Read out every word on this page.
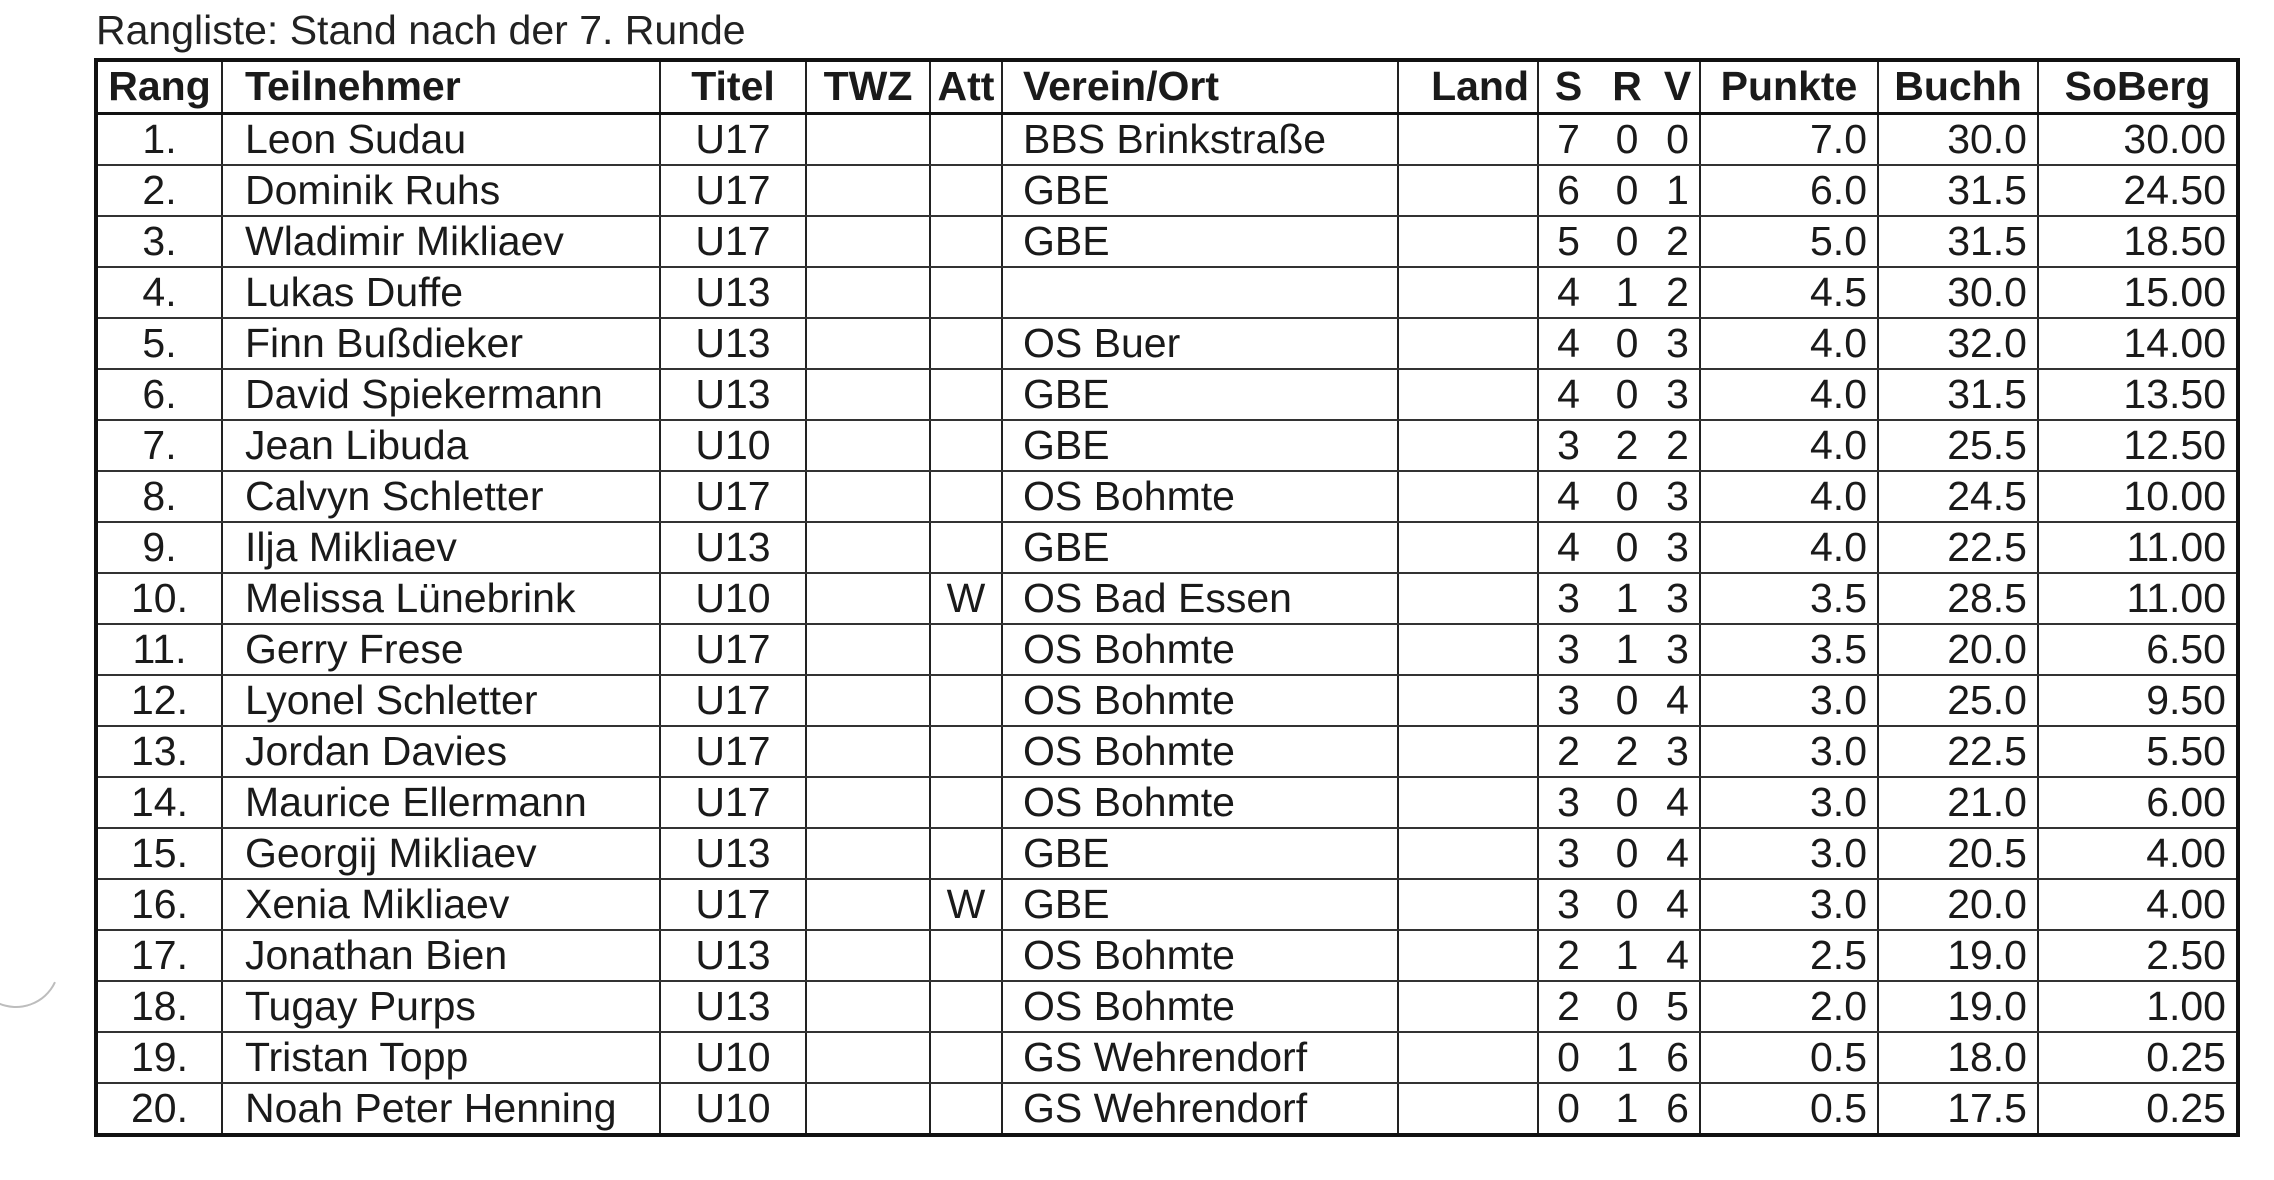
Rangliste: Stand nach der 7. Runde
Rang	Teilnehmer	Titel	TWZ	Att	Verein/Ort	Land	S	R	V	Punkte	Buchh	SoBerg
1.	Leon Sudau	U17			BBS Brinkstraße		7	0	0	7.0	30.0	30.00
2.	Dominik Ruhs	U17			GBE		6	0	1	6.0	31.5	24.50
3.	Wladimir Mikliaev	U17			GBE		5	0	2	5.0	31.5	18.50
4.	Lukas Duffe	U13					4	1	2	4.5	30.0	15.00
5.	Finn Bußdieker	U13			OS Buer		4	0	3	4.0	32.0	14.00
6.	David Spiekermann	U13			GBE		4	0	3	4.0	31.5	13.50
7.	Jean Libuda	U10			GBE		3	2	2	4.0	25.5	12.50
8.	Calvyn Schletter	U17			OS Bohmte		4	0	3	4.0	24.5	10.00
9.	Ilja Mikliaev	U13			GBE		4	0	3	4.0	22.5	11.00
10.	Melissa Lünebrink	U10		W	OS Bad Essen		3	1	3	3.5	28.5	11.00
11.	Gerry Frese	U17			OS Bohmte		3	1	3	3.5	20.0	6.50
12.	Lyonel Schletter	U17			OS Bohmte		3	0	4	3.0	25.0	9.50
13.	Jordan Davies	U17			OS Bohmte		2	2	3	3.0	22.5	5.50
14.	Maurice Ellermann	U17			OS Bohmte		3	0	4	3.0	21.0	6.00
15.	Georgij Mikliaev	U13			GBE		3	0	4	3.0	20.5	4.00
16.	Xenia Mikliaev	U17		W	GBE		3	0	4	3.0	20.0	4.00
17.	Jonathan Bien	U13			OS Bohmte		2	1	4	2.5	19.0	2.50
18.	Tugay Purps	U13			OS Bohmte		2	0	5	2.0	19.0	1.00
19.	Tristan Topp	U10			GS Wehrendorf		0	1	6	0.5	18.0	0.25
20.	Noah Peter Henning	U10			GS Wehrendorf		0	1	6	0.5	17.5	0.25
